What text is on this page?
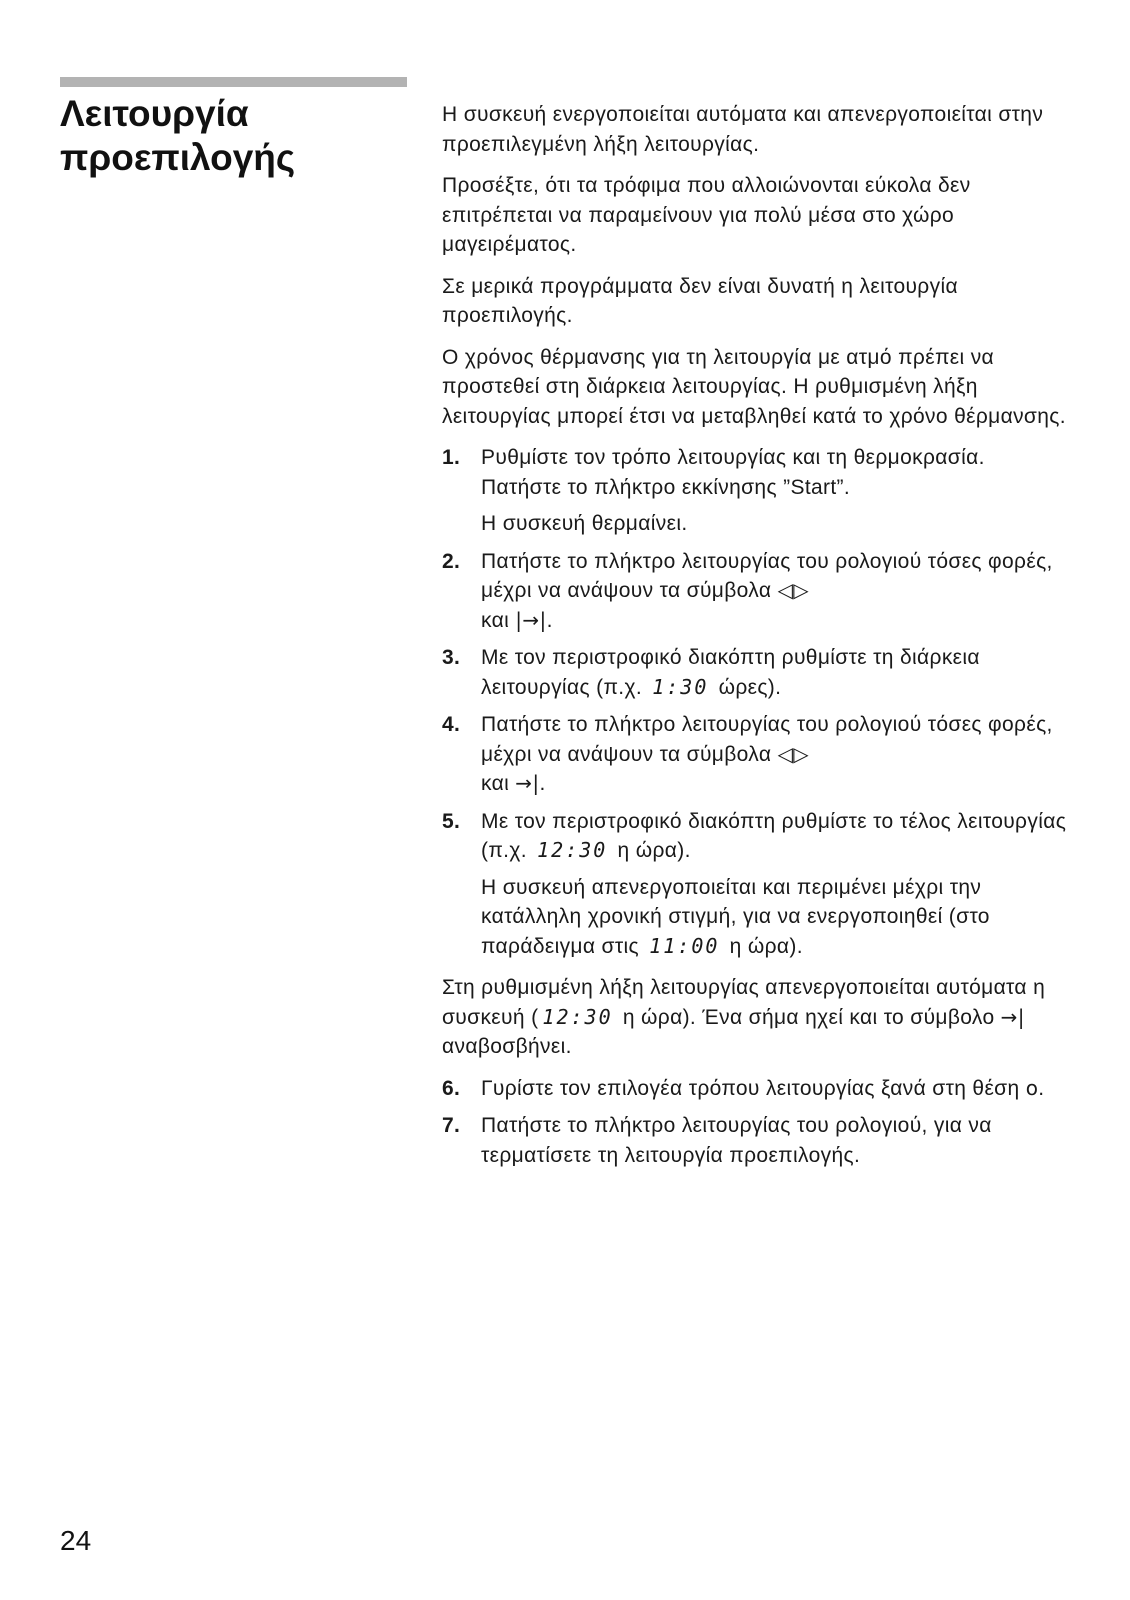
Λειτουργία
προεπιλογής

Η συσκευή ενεργοποιείται αυτόματα και απενεργοποιείται στην προεπιλεγμένη λήξη λειτουργίας.

Προσέξτε, ότι τα τρόφιμα που αλλοιώνονται εύκολα δεν επιτρέπεται να παραμείνουν για πολύ μέσα στο χώρο μαγειρέματος.

Σε μερικά προγράμματα δεν είναι δυνατή η λειτουργία προεπιλογής.

Ο χρόνος θέρμανσης για τη λειτουργία με ατμό πρέπει να προστεθεί στη διάρκεια λειτουργίας. Η ρυθμισμένη λήξη λειτουργίας μπορεί έτσι να μεταβληθεί κατά το χρόνο θέρμανσης.

1. Ρυθμίστε τον τρόπο λειτουργίας και τη θερμοκρασία. Πατήστε το πλήκτρο εκκίνησης ”Start”.
Η συσκευή θερμαίνει.
2. Πατήστε το πλήκτρο λειτουργίας του ρολογιού τόσες φορές, μέχρι να ανάψουν τα σύμβολα ◁▷
και |→|.
3. Με τον περιστροφικό διακόπτη ρυθμίστε τη διάρκεια λειτουργίας (π.χ. 1:30 ώρες).
4. Πατήστε το πλήκτρο λειτουργίας του ρολογιού τόσες φορές, μέχρι να ανάψουν τα σύμβολα ◁▷
και →|.
5. Με τον περιστροφικό διακόπτη ρυθμίστε το τέλος λειτουργίας (π.χ. 12:30 η ώρα).
Η συσκευή απενεργοποιείται και περιμένει μέχρι την κατάλληλη χρονική στιγμή, για να ενεργοποιηθεί (στο παράδειγμα στις 11:00 η ώρα).

Στη ρυθμισμένη λήξη λειτουργίας απενεργοποιείται αυτόματα η συσκευή ( 12:30 η ώρα). Ένα σήμα ηχεί και το σύμβολο →| αναβοσβήνει.

6. Γυρίστε τον επιλογέα τρόπου λειτουργίας ξανά στη θέση o.
7. Πατήστε το πλήκτρο λειτουργίας του ρολογιού, για να τερματίσετε τη λειτουργία προεπιλογής.
24
